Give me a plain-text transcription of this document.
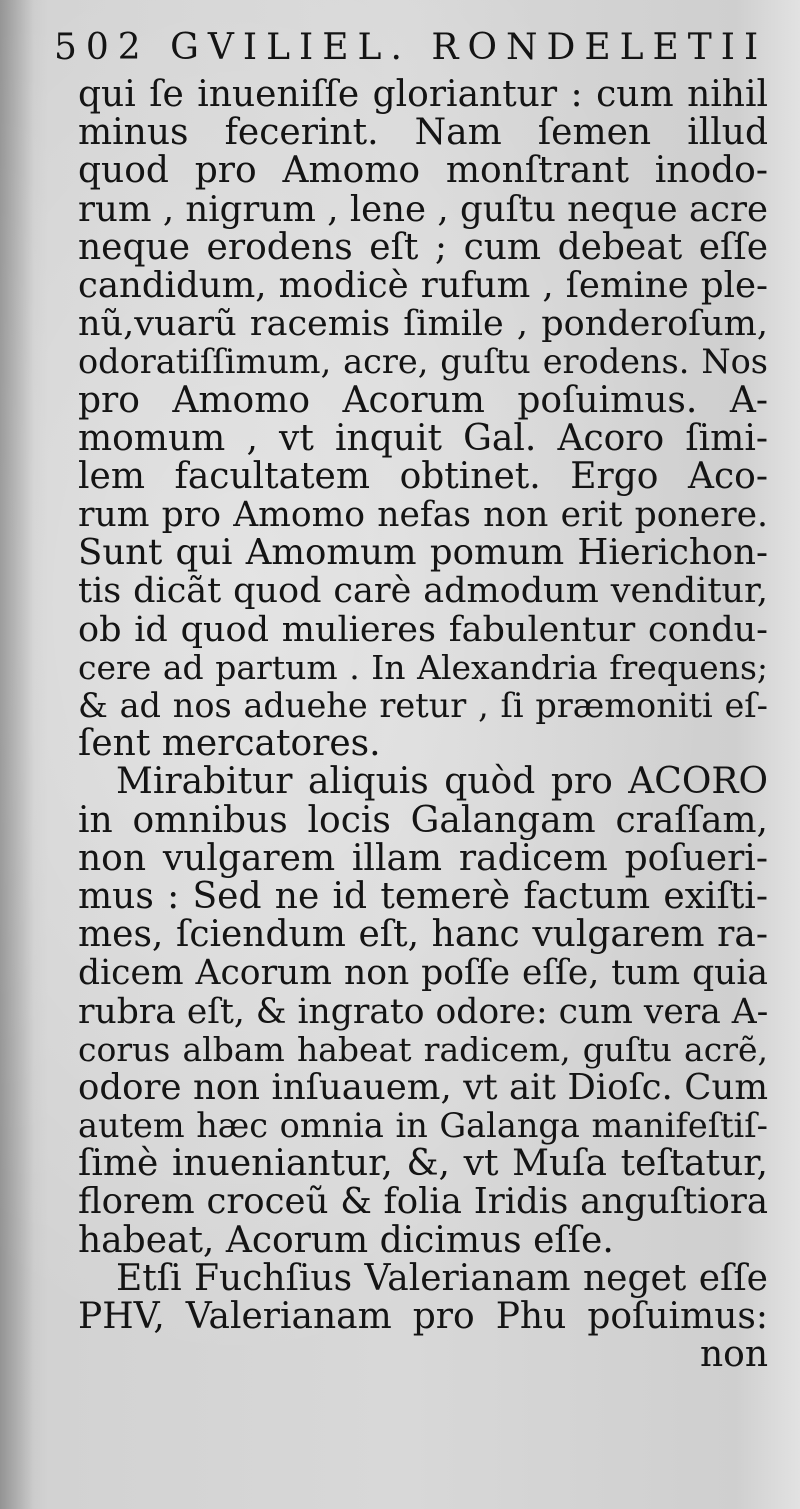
502 GVILIEL. RONDELETII
qui ſe inueniſſe gloriantur : cum nihil
minus fecerint. Nam ſemen illud
quod pro Amomo monſtrant inodo-
rum , nigrum , lene , guſtu neque acre
neque erodens eſt ; cum debeat eſſe
candidum, modicè rufum , ſemine ple-
nũ,vuarũ racemis ſimile , ponderoſum,
odoratiſſimum, acre, guſtu erodens. Nos
pro Amomo Acorum poſuimus. A-
momum , vt inquit Gal. Acoro ſimi-
lem facultatem obtinet. Ergo Aco-
rum pro Amomo nefas non erit ponere.
Sunt qui Amomum pomum Hierichon-
tis dicãt quod carè admodum venditur,
ob id quod mulieres fabulentur condu-
cere ad partum . In Alexandria frequens;
& ad nos aduehe retur , ſi præmoniti eſ-
ſent mercatores.
Mirabitur aliquis quòd pro ACORO
in omnibus locis Galangam craſſam,
non vulgarem illam radicem poſueri-
mus : Sed ne id temerè factum exiſti-
mes, ſciendum eſt, hanc vulgarem ra-
dicem Acorum non poſſe eſſe, tum quia
rubra eſt, & ingrato odore: cum vera A-
corus albam habeat radicem, guſtu acrẽ,
odore non inſuauem, vt ait Dioſc. Cum
autem hæc omnia in Galanga manifeſtiſ-
ſimè inueniantur, &, vt Muſa teſtatur,
florem croceũ & folia Iridis anguſtiora
habeat, Acorum dicimus eſſe.
Etſi Fuchſius Valerianam neget eſſe
PHV, Valerianam pro Phu poſuimus:
non
